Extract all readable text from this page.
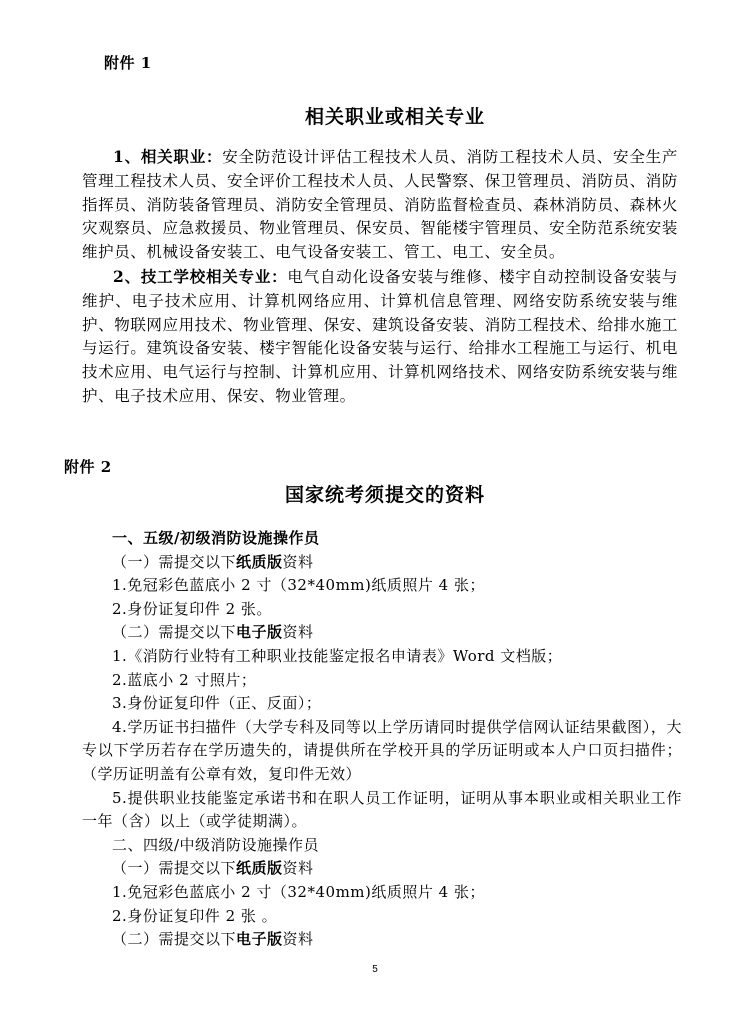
附件 1
相关职业或相关专业

1、相关职业：安全防范设计评估工程技术人员、消防工程技术人员、安全生产管理工程技术人员、安全评价工程技术人员、人民警察、保卫管理员、消防员、消防指挥员、消防装备管理员、消防安全管理员、消防监督检查员、森林消防员、森林火灾观察员、应急救援员、物业管理员、保安员、智能楼宇管理员、安全防范系统安装维护员、机械设备安装工、电气设备安装工、管工、电工、安全员。

2、技工学校相关专业：电气自动化设备安装与维修、楼宇自动控制设备安装与维护、电子技术应用、计算机网络应用、计算机信息管理、网络安防系统安装与维护、物联网应用技术、物业管理、保安、建筑设备安装、消防工程技术、给排水施工与运行。建筑设备安装、楼宇智能化设备安装与运行、给排水工程施工与运行、机电技术应用、电气运行与控制、计算机应用、计算机网络技术、网络安防系统安装与维护、电子技术应用、保安、物业管理。

附件 2
国家统考须提交的资料

一、五级/初级消防设施操作员

（一）需提交以下纸质版资料

1.免冠彩色蓝底小 2 寸（32*40mm)纸质照片 4 张；

2.身份证复印件 2 张。

（二）需提交以下电子版资料

1.《消防行业特有工种职业技能鉴定报名申请表》Word 文档版；

2.蓝底小 2 寸照片；

3.身份证复印件（正、反面）；

4.学历证书扫描件（大学专科及同等以上学历请同时提供学信网认证结果截图），大专以下学历若存在学历遗失的，请提供所在学校开具的学历证明或本人户口页扫描件；（学历证明盖有公章有效，复印件无效）

5.提供职业技能鉴定承诺书和在职人员工作证明，证明从事本职业或相关职业工作一年（含）以上（或学徒期满）。

二、四级/中级消防设施操作员

（一）需提交以下纸质版资料

1.免冠彩色蓝底小 2 寸（32*40mm)纸质照片 4 张；

2.身份证复印件 2 张 。

（二）需提交以下电子版资料

5
